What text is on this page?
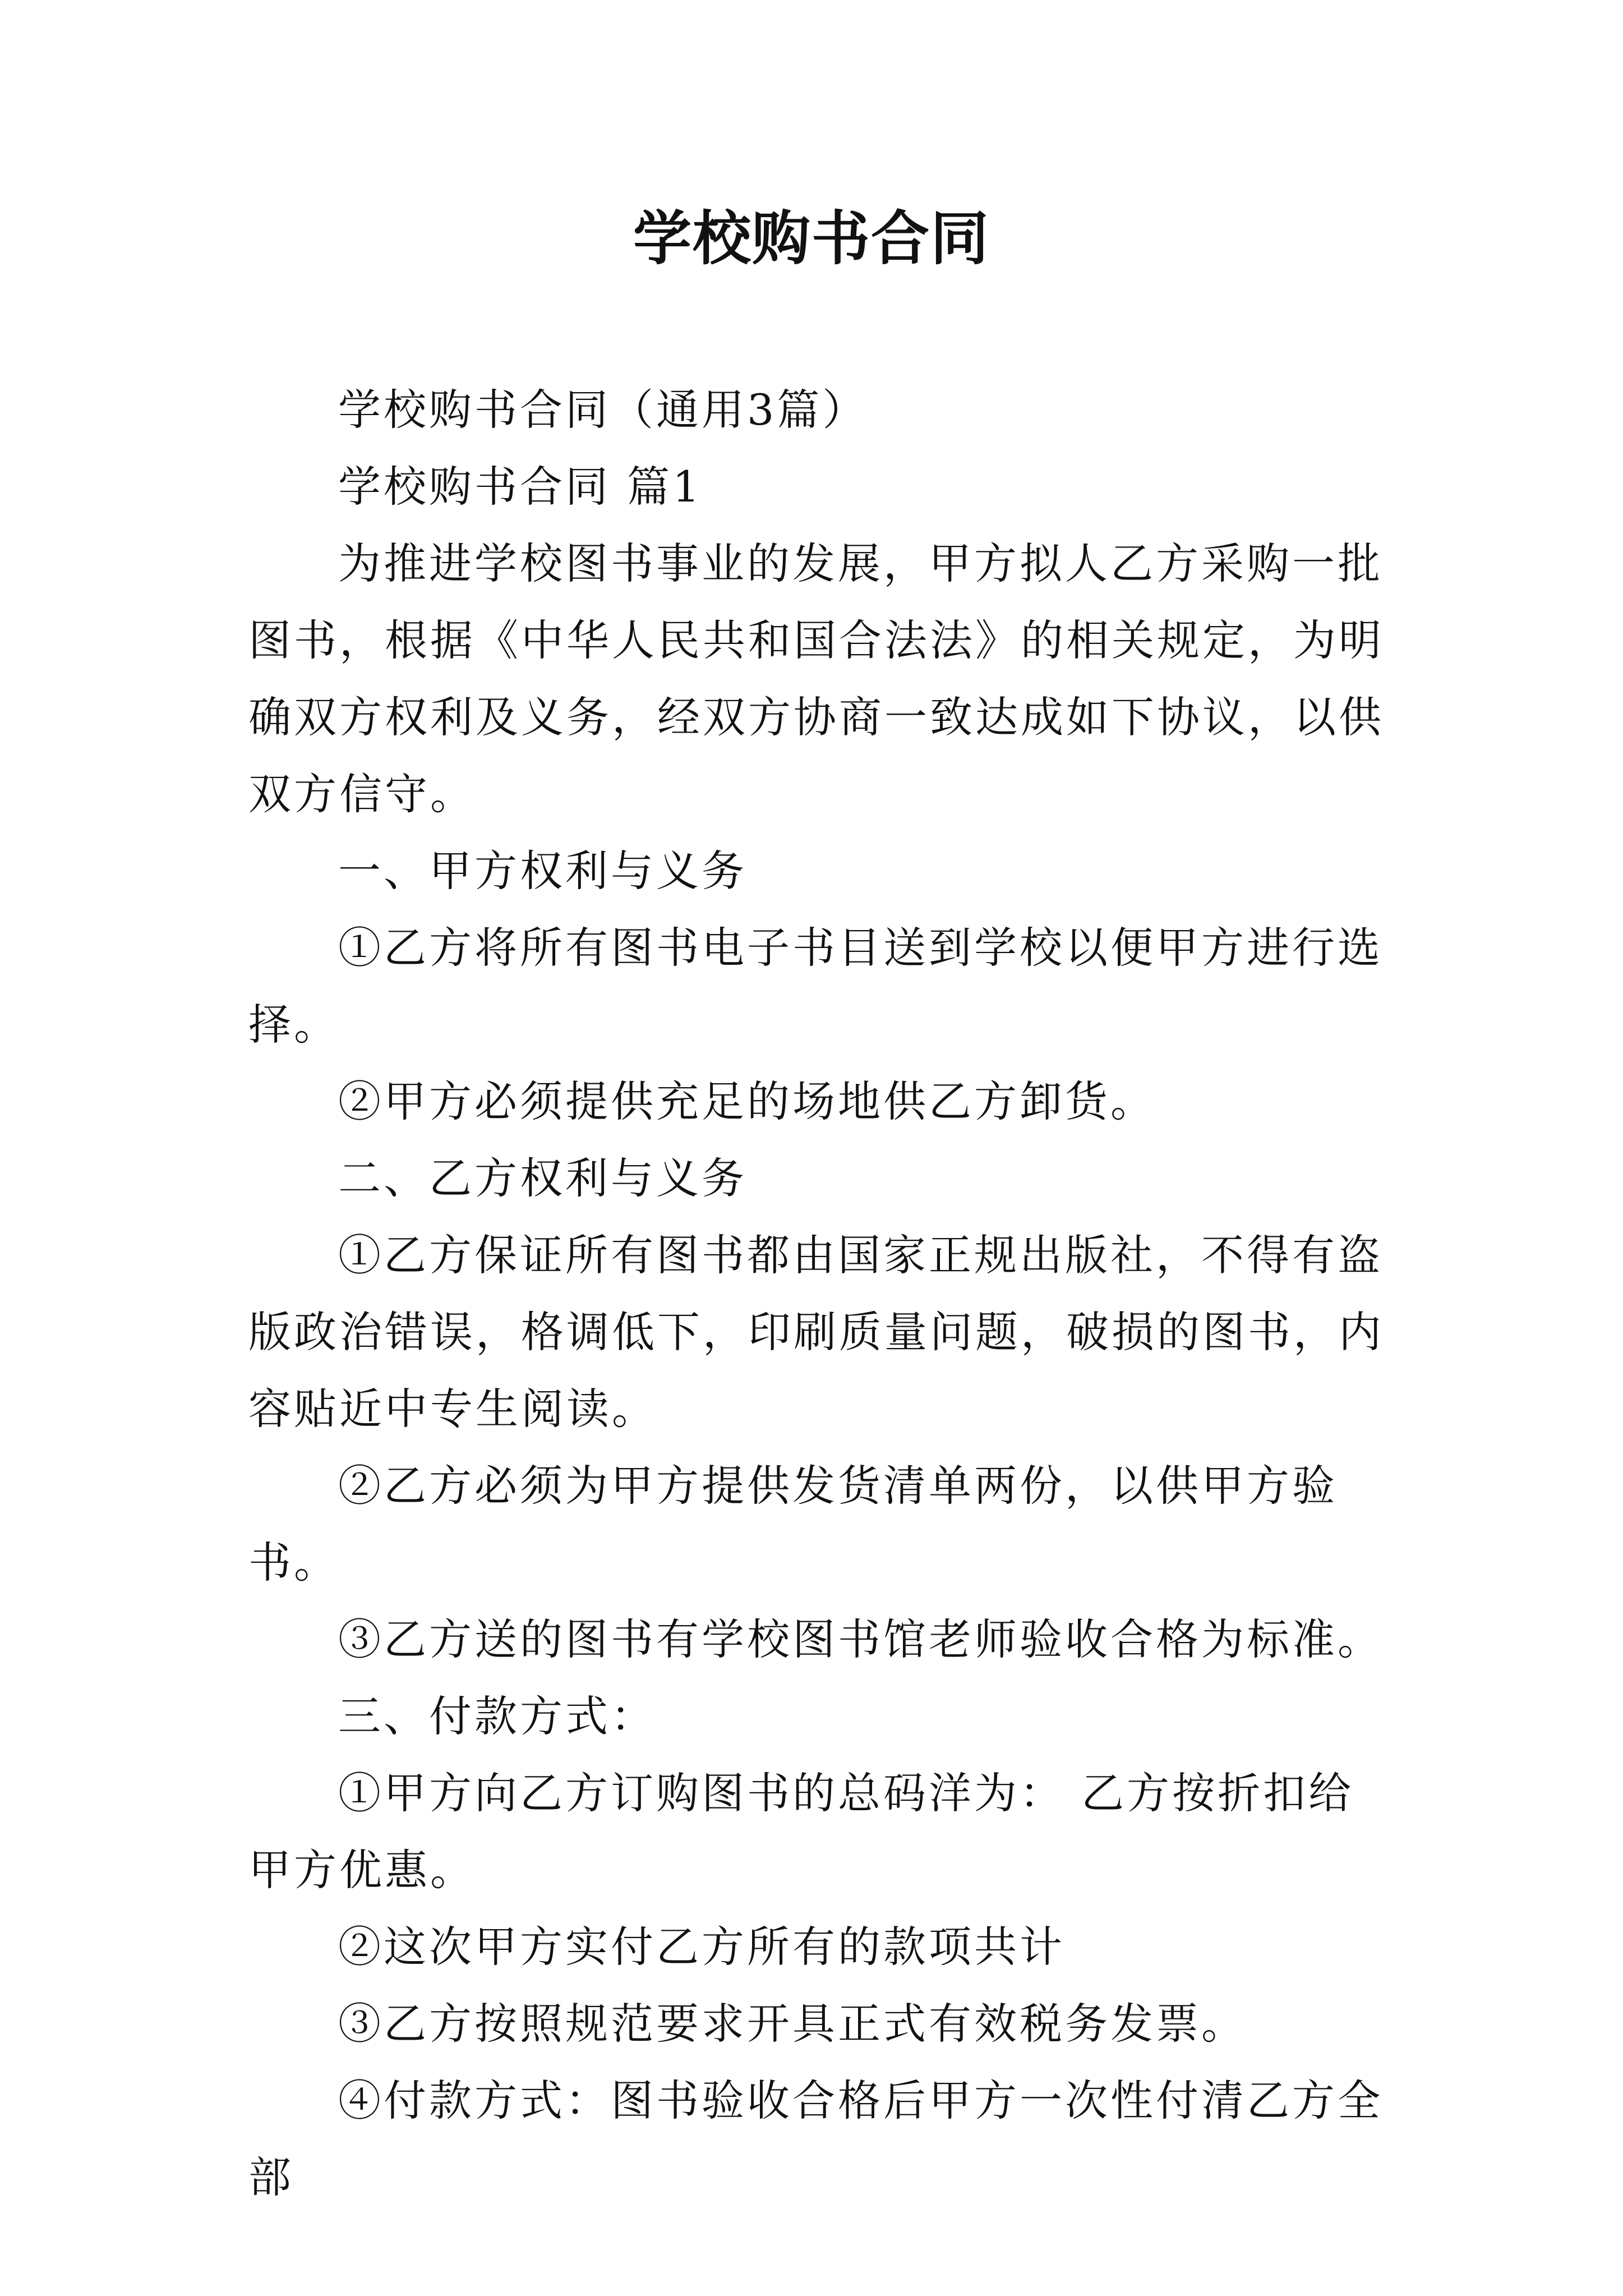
学校购书合同

学校购书合同（通用3篇）

学校购书合同 篇1

为推进学校图书事业的发展，甲方拟人乙方采购一批图书，根据《中华人民共和国合法法》的相关规定，为明确双方权利及义务，经双方协商一致达成如下协议，以供双方信守。

一、甲方权利与义务

①乙方将所有图书电子书目送到学校以便甲方进行选择。

②甲方必须提供充足的场地供乙方卸货。

二、乙方权利与义务

①乙方保证所有图书都由国家正规出版社，不得有盗版政治错误，格调低下，印刷质量问题，破损的图书，内容贴近中专生阅读。

②乙方必须为甲方提供发货清单两份，以供甲方验书。

③乙方送的图书有学校图书馆老师验收合格为标准。

三、付款方式：

①甲方向乙方订购图书的总码洋为： 乙方按折扣给甲方优惠。

②这次甲方实付乙方所有的款项共计

③乙方按照规范要求开具正式有效税务发票。

④付款方式：图书验收合格后甲方一次性付清乙方全部
